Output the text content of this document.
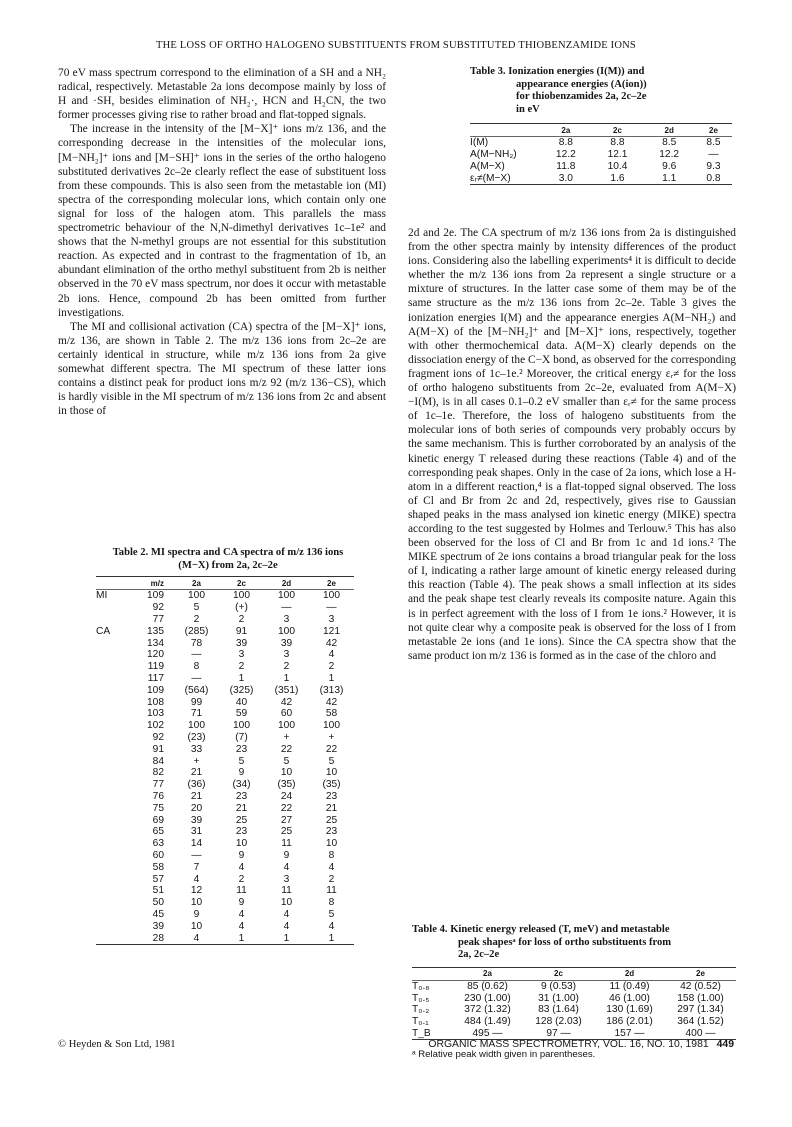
THE LOSS OF ORTHO HALOGENO SUBSTITUENTS FROM SUBSTITUTED THIOBENZAMIDE IONS

70 eV mass spectrum correspond to the elimination of a SH and a NH₂ radical, respectively. Metastable 2a ions decompose mainly by loss of H and ·SH, besides elimination of NH₂·, HCN and H₂CN, the two former processes giving rise to rather broad and flat-topped signals.

The increase in the intensity of the [M−X]⁺ ions m/z 136, and the corresponding decrease in the intensities of the molecular ions, [M−NH₂]⁺ ions and [M−SH]⁺ ions in the series of the ortho halogeno substituted derivatives 2c–2e clearly reflect the ease of substituent loss from these compounds. This is also seen from the metastable ion (MI) spectra of the corresponding molecular ions, which contain only one signal for loss of the halogen atom. This parallels the mass spectrometric behaviour of the N,N-dimethyl derivatives 1c–1e² and shows that the N-methyl groups are not essential for this substitution reaction. As expected and in contrast to the fragmentation of 1b, an abundant elimination of the ortho methyl substituent from 2b is neither observed in the 70 eV mass spectrum, nor does it occur with metastable 2b ions. Hence, compound 2b has been omitted from further investigations.

The MI and collisional activation (CA) spectra of the [M−X]⁺ ions, m/z 136, are shown in Table 2. The m/z 136 ions from 2c–2e are certainly identical in structure, while m/z 136 ions from 2a give somewhat different spectra. The MI spectrum of these latter ions contains a distinct peak for product ions m/z 92 (m/z 136−CS), which is hardly visible in the MI spectrum of m/z 136 ions from 2c and absent in those of

2d and 2e. The CA spectrum of m/z 136 ions from 2a is distinguished from the other spectra mainly by intensity differences of the product ions. Considering also the labelling experiments⁴ it is difficult to decide whether the m/z 136 ions from 2a represent a single structure or a mixture of structures. In the latter case some of them may be of the same structure as the m/z 136 ions from 2c–2e. Table 3 gives the ionization energies I(M) and the appearance energies A(M−NH₂) and A(M−X) of the [M−NH₂]⁺ and [M−X]⁺ ions, respectively, together with other thermochemical data. A(M−X) clearly depends on the dissociation energy of the C−X bond, as observed for the corresponding fragment ions of 1c–1e.² Moreover, the critical energy εᵣ≠ for the loss of ortho halogeno substituents from 2c–2e, evaluated from A(M−X)−I(M), is in all cases 0.1–0.2 eV smaller than εᵣ≠ for the same process of 1c–1e. Therefore, the loss of halogeno substituents from the molecular ions of both series of compounds very probably occurs by the same mechanism. This is further corroborated by an analysis of the kinetic energy T released during these reactions (Table 4) and of the corresponding peak shapes. Only in the case of 2a ions, which lose a H-atom in a different reaction,⁴ is a flat-topped signal observed. The loss of Cl and Br from 2c and 2d, respectively, gives rise to Gaussian shaped peaks in the mass analysed ion kinetic energy (MIKE) spectra according to the test suggested by Holmes and Terlouw.⁵ This has also been observed for the loss of Cl and Br from 1c and 1d ions.² The MIKE spectrum of 2e ions contains a broad triangular peak for the loss of I, indicating a rather large amount of kinetic energy released during this reaction (Table 4). The peak shows a small inflection at its sides and the peak shape test clearly reveals its composite nature. Again this is in perfect agreement with the loss of I from 1e ions.² However, it is not quite clear why a composite peak is observed for the loss of I from metastable 2e ions (and 1e ions). Since the CA spectra show that the same product ion m/z 136 is formed as in the case of the chloro and

Table 3. Ionization energies (I(M)) and
appearance energies (A(ion))
for thiobenzamides 2a, 2c–2e
in eV
	2a	2c	2d	2e
I(M)	8.8	8.8	8.5	8.5
A(M−NH₂)	12.2	12.1	12.2	—
A(M−X)	11.8	10.4	9.6	9.3
εᵣ≠(M−X)	3.0	1.6	1.1	0.8
Table 2. MI spectra and CA spectra of m/z 136 ions (M−X) from 2a, 2c–2e
	m/z	2a	2c	2d	2e
MI	109	100	100	100	100
	92	5	(+)	—	—
	77	2	2	3	3
CA	135	(285)	91	100	121
	134	78	39	39	42
	120	—	3	3	4
	119	8	2	2	2
	117	—	1	1	1
	109	(564)	(325)	(351)	(313)
	108	99	40	42	42
	103	71	59	60	58
	102	100	100	100	100
	92	(23)	(7)	+	+
	91	33	23	22	22
	84	+	5	5	5
	82	21	9	10	10
	77	(36)	(34)	(35)	(35)
	76	21	23	24	23
	75	20	21	22	21
	69	39	25	27	25
	65	31	23	25	23
	63	14	10	11	10
	60	—	9	9	8
	58	7	4	4	4
	57	4	2	3	2
	51	12	11	11	11
	50	10	9	10	8
	45	9	4	4	5
	39	10	4	4	4
	28	4	1	1	1
Table 4. Kinetic energy released (T, meV) and metastable
peak shapesᵃ for loss of ortho substituents from
2a, 2c–2e
	2a	2c	2d	2e
T₀.₈	85 (0.62)	9 (0.53)	11 (0.49)	42 (0.52)
T₀.₅	230 (1.00)	31 (1.00)	46 (1.00)	158 (1.00)
T₀.₂	372 (1.32)	83 (1.64)	130 (1.69)	297 (1.34)
T₀.₁	484 (1.49)	128 (2.03)	186 (2.01)	364 (1.52)
T_B	495 —	97 —	157 —	400 —
ᵃ Relative peak width given in parentheses.
© Heyden & Son Ltd, 1981	ORGANIC MASS SPECTROMETRY, VOL. 16, NO. 10, 1981 449
